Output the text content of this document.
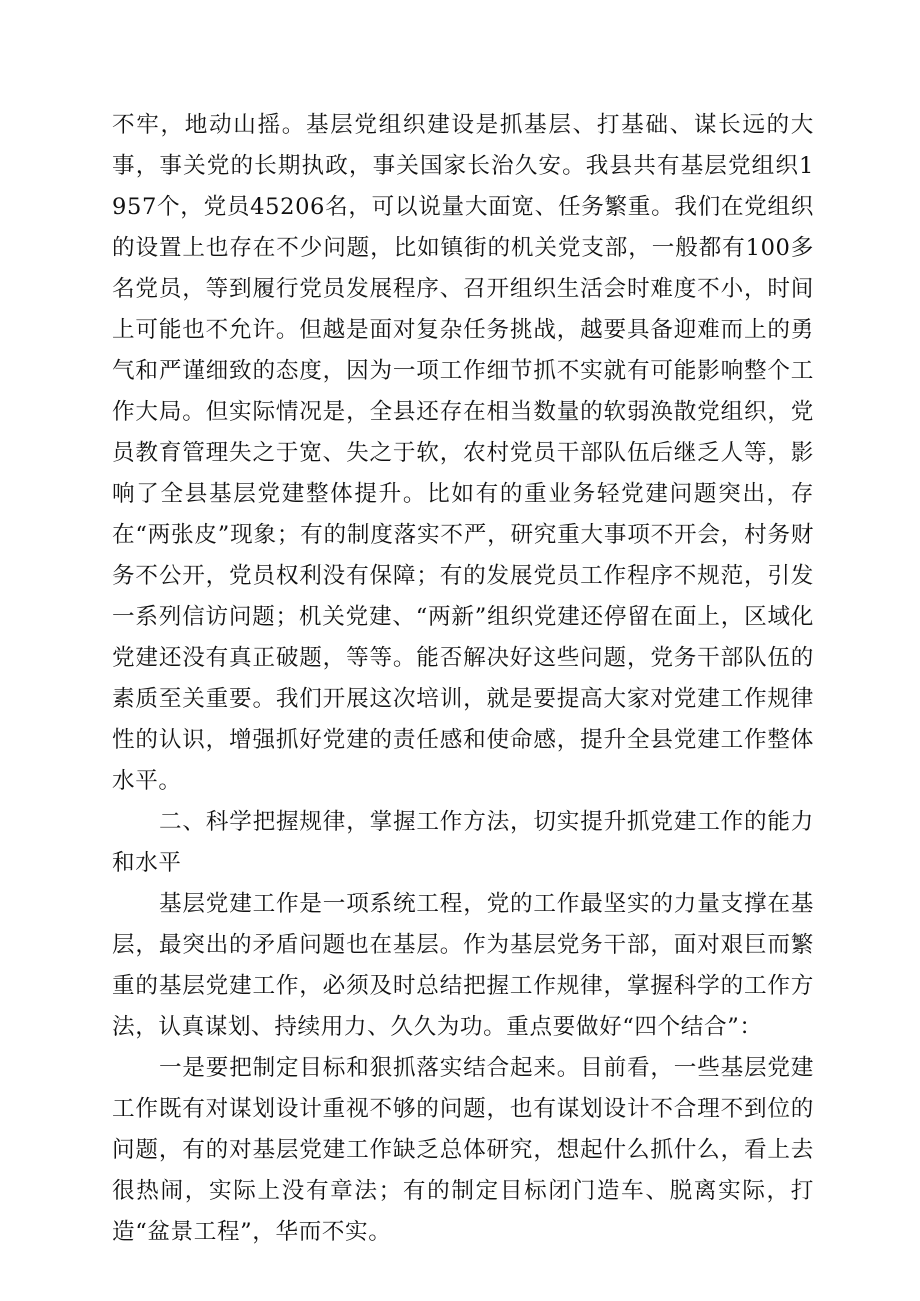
不牢，地动山摇。基层党组织建设是抓基层、打基础、谋长远的大事，事关党的长期执政，事关国家长治久安。我县共有基层党组织1957个，党员45206名，可以说量大面宽、任务繁重。我们在党组织的设置上也存在不少问题，比如镇街的机关党支部，一般都有100多名党员，等到履行党员发展程序、召开组织生活会时难度不小，时间上可能也不允许。但越是面对复杂任务挑战，越要具备迎难而上的勇气和严谨细致的态度，因为一项工作细节抓不实就有可能影响整个工作大局。但实际情况是，全县还存在相当数量的软弱涣散党组织，党员教育管理失之于宽、失之于软，农村党员干部队伍后继乏人等，影响了全县基层党建整体提升。比如有的重业务轻党建问题突出，存在“两张皮”现象；有的制度落实不严，研究重大事项不开会，村务财务不公开，党员权利没有保障；有的发展党员工作程序不规范，引发一系列信访问题；机关党建、“两新”组织党建还停留在面上，区域化党建还没有真正破题，等等。能否解决好这些问题，党务干部队伍的素质至关重要。我们开展这次培训，就是要提高大家对党建工作规律性的认识，增强抓好党建的责任感和使命感，提升全县党建工作整体水平。

二、科学把握规律，掌握工作方法，切实提升抓党建工作的能力和水平

基层党建工作是一项系统工程，党的工作最坚实的力量支撑在基层，最突出的矛盾问题也在基层。作为基层党务干部，面对艰巨而繁重的基层党建工作，必须及时总结把握工作规律，掌握科学的工作方法，认真谋划、持续用力、久久为功。重点要做好“四个结合”：

一是要把制定目标和狠抓落实结合起来。目前看，一些基层党建工作既有对谋划设计重视不够的问题，也有谋划设计不合理不到位的问题，有的对基层党建工作缺乏总体研究，想起什么抓什么，看上去很热闹，实际上没有章法；有的制定目标闭门造车、脱离实际，打造“盆景工程”，华而不实。
